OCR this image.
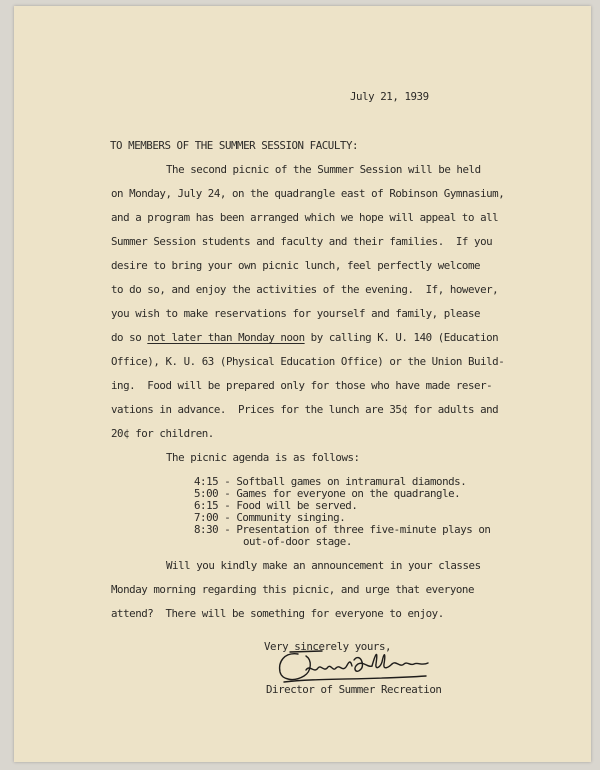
July 21, 1939
TO MEMBERS OF THE SUMMER SESSION FACULTY:
The second picnic of the Summer Session will be held
on Monday, July 24, on the quadrangle east of Robinson Gymnasium,
and a program has been arranged which we hope will appeal to all
Summer Session students and faculty and their families.  If you
desire to bring your own picnic lunch, feel perfectly welcome
to do so, and enjoy the activities of the evening.  If, however,
you wish to make reservations for yourself and family, please
do so not later than Monday noon by calling K. U. 140 (Education
Office), K. U. 63 (Physical Education Office) or the Union Build-
ing.  Food will be prepared only for those who have made reser-
vations in advance.  Prices for the lunch are 35¢ for adults and
20¢ for children.
The picnic agenda is as follows:
4:15 - Softball games on intramural diamonds.
5:00 - Games for everyone on the quadrangle.
6:15 - Food will be served.
7:00 - Community singing.
8:30 - Presentation of three five-minute plays on
out-of-door stage.
Will you kindly make an announcement in your classes
Monday morning regarding this picnic, and urge that everyone
attend?  There will be something for everyone to enjoy.
Very sincerely yours,
Director of Summer Recreation
